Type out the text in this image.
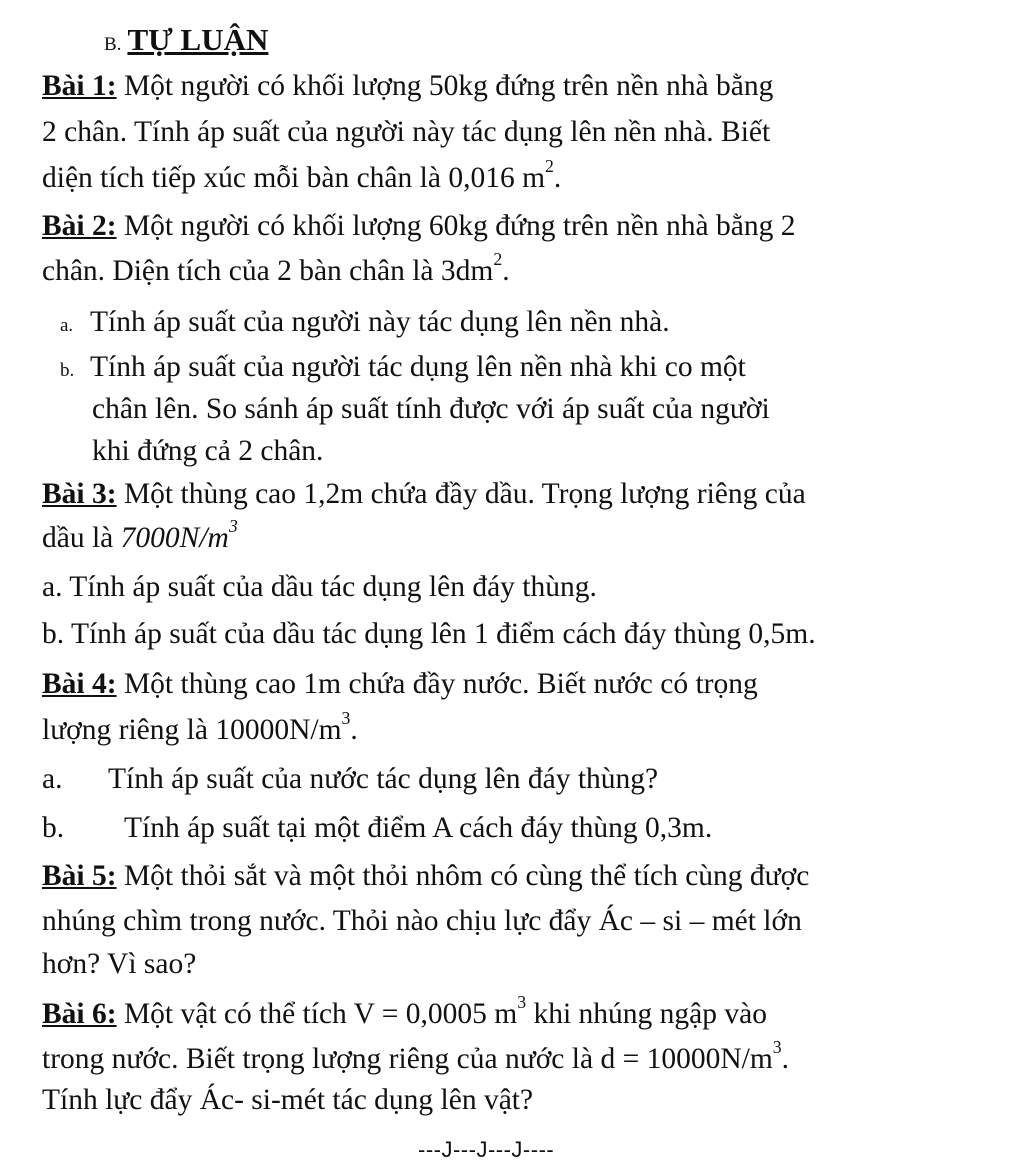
B. TỰ LUẬN
Bài 1: Một người có khối lượng 50kg đứng trên nền nhà bằng
2 chân. Tính áp suất của người này tác dụng lên nền nhà. Biết
diện tích tiếp xúc mỗi bàn chân là 0,016 $m^2$.
Bài 2: Một người có khối lượng 60kg đứng trên nền nhà bằng 2
chân. Diện tích của 2 bàn chân là $3dm^2$.
a. Tính áp suất của người này tác dụng lên nền nhà.
b. Tính áp suất của người tác dụng lên nền nhà khi co một
chân lên. So sánh áp suất tính được với áp suất của người
khi đứng cả 2 chân.
Bài 3: Một thùng cao 1,2m chứa đầy dầu. Trọng lượng riêng của
dầu là $7000N/m^3$
a. Tính áp suất của dầu tác dụng lên đáy thùng.
b. Tính áp suất của dầu tác dụng lên 1 điểm cách đáy thùng 0,5m.
Bài 4: Một thùng cao 1m chứa đầy nước. Biết nước có trọng
lượng riêng là $10000N/m^3$.
a. Tính áp suất của nước tác dụng lên đáy thùng?
b. Tính áp suất tại một điểm A cách đáy thùng 0,3m.
Bài 5: Một thỏi sắt và một thỏi nhôm có cùng thể tích cùng được
nhúng chìm trong nước. Thỏi nào chịu lực đẩy Ác – si – mét lớn
hơn? Vì sao?
Bài 6: Một vật có thể tích V = 0,0005 $m^3$ khi nhúng ngập vào
trong nước. Biết trọng lượng riêng của nước là $d = 10000N/m^3$.
Tính lực đẩy Ác- si-mét tác dụng lên vật?
---J---J---J----
